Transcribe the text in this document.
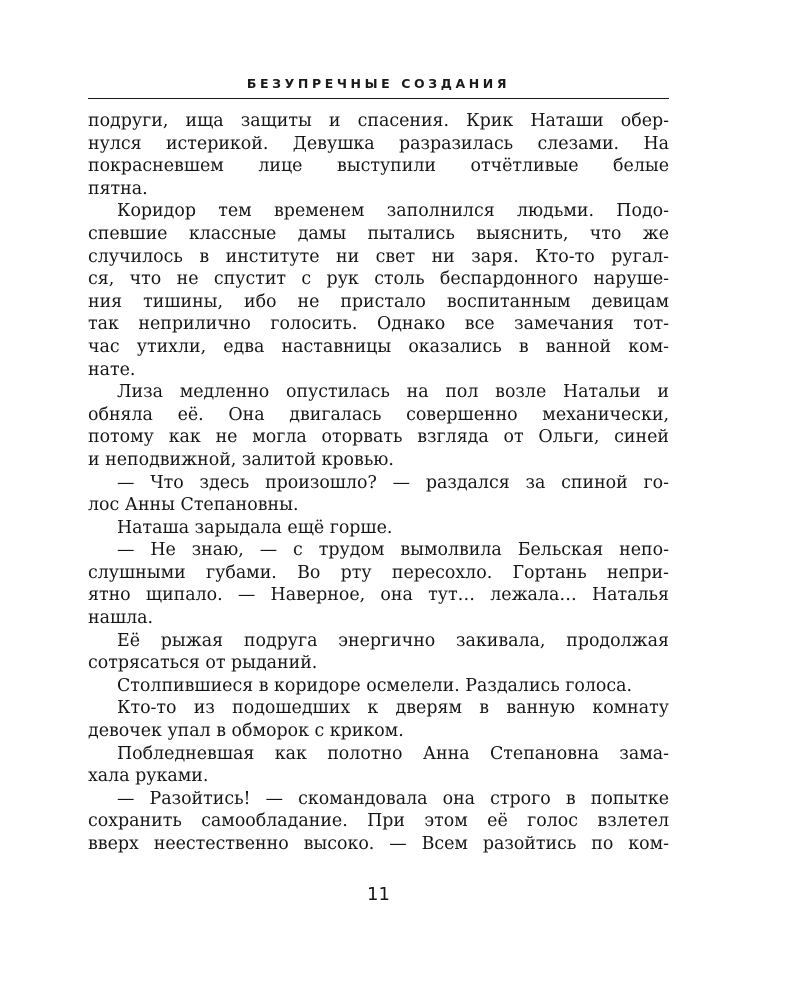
БЕЗУПРЕЧНЫЕ СОЗДАНИЯ
подруги, ища защиты и спасения. Крик Наташи обер-
нулся истерикой. Девушка разразилась слезами. На
покрасневшем лице выступили отчётливые белые
пятна.
Коридор тем временем заполнился людьми. Подо-
спевшие классные дамы пытались выяснить, что же
случилось в институте ни свет ни заря. Кто-то ругал-
ся, что не спустит с рук столь беспардонного наруше-
ния тишины, ибо не пристало воспитанным девицам
так неприлично голосить. Однако все замечания тот-
час утихли, едва наставницы оказались в ванной ком-
нате.
Лиза медленно опустилась на пол возле Натальи и
обняла её. Она двигалась совершенно механически,
потому как не могла оторвать взгляда от Ольги, синей
и неподвижной, залитой кровью.
— Что здесь произошло? — раздался за спиной го-
лос Анны Степановны.
Наташа зарыдала ещё горше.
— Не знаю, — с трудом вымолвила Бельская непо-
слушными губами. Во рту пересохло. Гортань непри-
ятно щипало. — Наверное, она тут… лежала… Наталья
нашла.
Её рыжая подруга энергично закивала, продолжая
сотрясаться от рыданий.
Столпившиеся в коридоре осмелели. Раздались голоса.
Кто-то из подошедших к дверям в ванную комнату
девочек упал в обморок с криком.
Побледневшая как полотно Анна Степановна зама-
хала руками.
— Разойтись! — скомандовала она строго в попытке
сохранить самообладание. При этом её голос взлетел
вверх неестественно высоко. — Всем разойтись по ком-
11
